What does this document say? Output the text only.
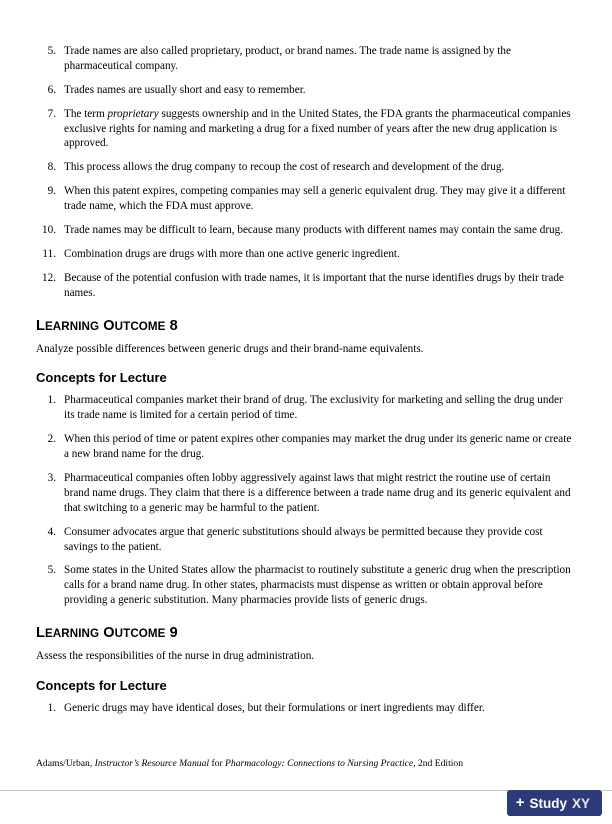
5. Trade names are also called proprietary, product, or brand names. The trade name is assigned by the pharmaceutical company.
6. Trades names are usually short and easy to remember.
7. The term proprietary suggests ownership and in the United States, the FDA grants the pharmaceutical companies exclusive rights for naming and marketing a drug for a fixed number of years after the new drug application is approved.
8. This process allows the drug company to recoup the cost of research and development of the drug.
9. When this patent expires, competing companies may sell a generic equivalent drug. They may give it a different trade name, which the FDA must approve.
10. Trade names may be difficult to learn, because many products with different names may contain the same drug.
11. Combination drugs are drugs with more than one active generic ingredient.
12. Because of the potential confusion with trade names, it is important that the nurse identifies drugs by their trade names.
LEARNING OUTCOME 8

Analyze possible differences between generic drugs and their brand-name equivalents.

Concepts for Lecture
1. Pharmaceutical companies market their brand of drug. The exclusivity for marketing and selling the drug under its trade name is limited for a certain period of time.
2. When this period of time or patent expires other companies may market the drug under its generic name or create a new brand name for the drug.
3. Pharmaceutical companies often lobby aggressively against laws that might restrict the routine use of certain brand name drugs. They claim that there is a difference between a trade name drug and its generic equivalent and that switching to a generic may be harmful to the patient.
4. Consumer advocates argue that generic substitutions should always be permitted because they provide cost savings to the patient.
5. Some states in the United States allow the pharmacist to routinely substitute a generic drug when the prescription calls for a brand name drug. In other states, pharmacists must dispense as written or obtain approval before providing a generic substitution. Many pharmacies provide lists of generic drugs.
LEARNING OUTCOME 9

Assess the responsibilities of the nurse in drug administration.

Concepts for Lecture
1. Generic drugs may have identical doses, but their formulations or inert ingredients may differ.
Adams/Urban, Instructor’s Resource Manual for Pharmacology: Connections to Nursing Practice, 2nd Edition
+ Study XY
